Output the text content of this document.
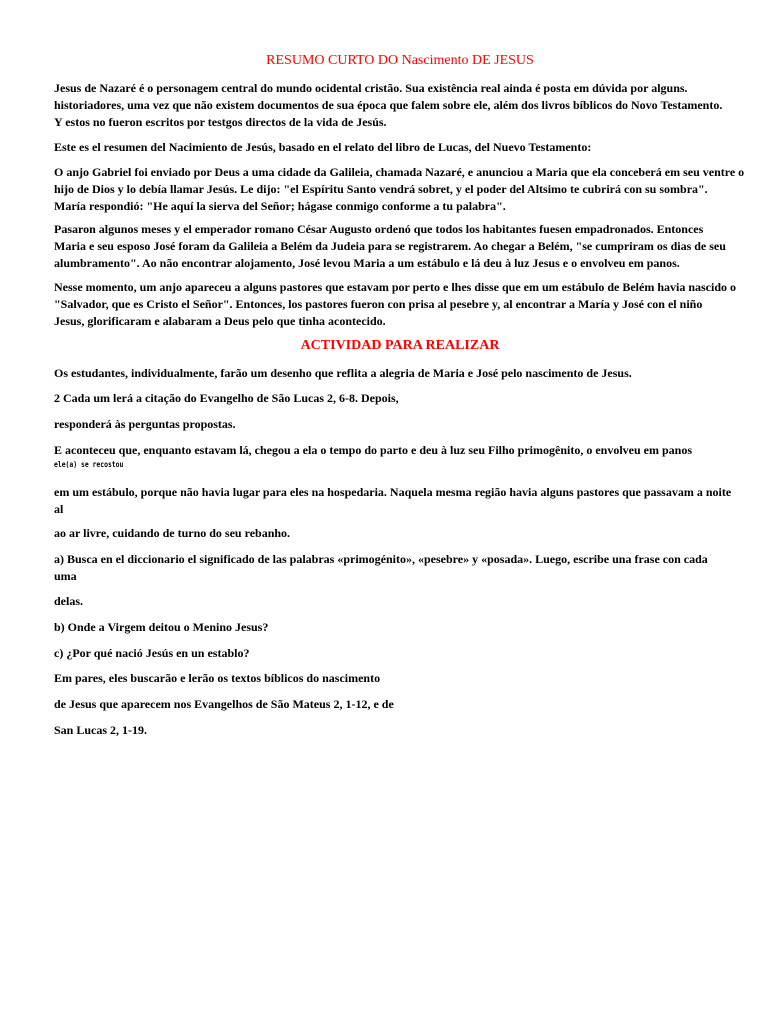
RESUMO CURTO DO Nascimento DE JESUS

Jesus de Nazaré é o personagem central do mundo ocidental cristão. Sua existência real ainda é posta em dúvida por alguns.
historiadores, uma vez que não existem documentos de sua época que falem sobre ele, além dos livros bíblicos do Novo Testamento.
Y estos no fueron escritos por testgos directos de la vida de Jesús.

Este es el resumen del Nacimiento de Jesús, basado en el relato del libro de Lucas, del Nuevo Testamento:

O anjo Gabriel foi enviado por Deus a uma cidade da Galileia, chamada Nazaré, e anunciou a Maria que ela conceberá em seu ventre o
hijo de Dios y lo debía llamar Jesús. Le dijo: "el Espíritu Santo vendrá sobret, y el poder del Altsimo te cubrirá con su sombra".
María respondió: "He aquí la sierva del Señor; hágase conmigo conforme a tu palabra".

Pasaron algunos meses y el emperador romano César Augusto ordenó que todos los habitantes fuesen empadronados. Entonces
Maria e seu esposo José foram da Galileia a Belém da Judeia para se registrarem. Ao chegar a Belém, "se cumpriram os dias de seu
alumbramento". Ao não encontrar alojamento, José levou Maria a um estábulo e lá deu à luz Jesus e o envolveu em panos.

Nesse momento, um anjo apareceu a alguns pastores que estavam por perto e lhes disse que em um estábulo de Belém havia nascido o
"Salvador, que es Cristo el Señor". Entonces, los pastores fueron con prisa al pesebre y, al encontrar a María y José con el niño
Jesus, glorificaram e alabaram a Deus pelo que tinha acontecido.

ACTIVIDAD PARA REALIZAR

Os estudantes, individualmente, farão um desenho que reflita a alegria de Maria e José pelo nascimento de Jesus.

2 Cada um lerá a citação do Evangelho de São Lucas 2, 6-8. Depois,

responderá às perguntas propostas.

E aconteceu que, enquanto estavam lá, chegou a ela o tempo do parto e deu à luz seu Filho primogênito, o envolveu em panos

ele(a) se recostou

em um estábulo, porque não havia lugar para eles na hospedaria. Naquela mesma região havia alguns pastores que passavam a noite
al

ao ar livre, cuidando de turno do seu rebanho.

a) Busca en el diccionario el significado de las palabras «primogénito», «pesebre» y «posada». Luego, escribe una frase con cada
uma

delas.

b) Onde a Virgem deitou o Menino Jesus?

c) ¿Por qué nació Jesús en un establo?

Em pares, eles buscarão e lerão os textos bíblicos do nascimento

de Jesus que aparecem nos Evangelhos de São Mateus 2, 1-12, e de

San Lucas 2, 1-19.
